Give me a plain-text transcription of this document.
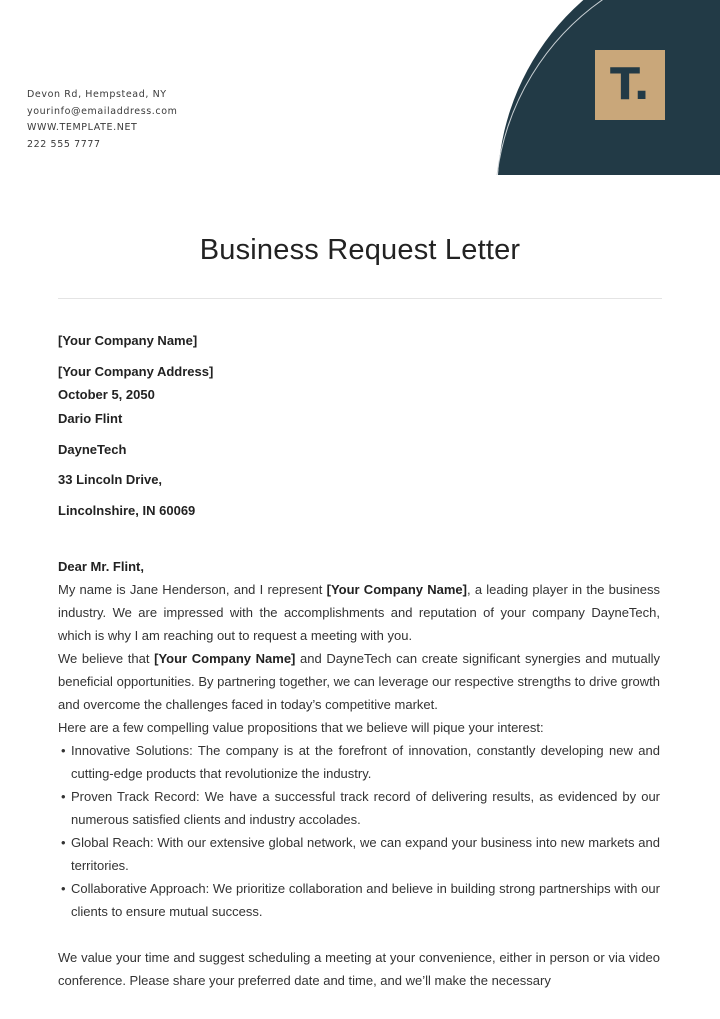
T.
Devon Rd, Hempstead, NY
yourinfo@emailaddress.com
WWW.TEMPLATE.NET
222 555 7777
Business Request Letter
[Your Company Name]
[Your Company Address]
October 5, 2050
Dario Flint
DayneTech
33 Lincoln Drive,
Lincolnshire, IN 60069
Dear Mr. Flint,

My name is Jane Henderson, and I represent [Your Company Name], a leading player in the business industry. We are impressed with the accomplishments and reputation of your company DayneTech, which is why I am reaching out to request a meeting with you.

We believe that [Your Company Name] and DayneTech can create significant synergies and mutually beneficial opportunities. By partnering together, we can leverage our respective strengths to drive growth and overcome the challenges faced in today’s competitive market.

Here are a few compelling value propositions that we believe will pique your interest:

• Innovative Solutions: The company is at the forefront of innovation, constantly developing new and cutting-edge products that revolutionize the industry.
• Proven Track Record: We have a successful track record of delivering results, as evidenced by our numerous satisfied clients and industry accolades.
• Global Reach: With our extensive global network, we can expand your business into new markets and territories.
• Collaborative Approach: We prioritize collaboration and believe in building strong partnerships with our clients to ensure mutual success.

We value your time and suggest scheduling a meeting at your convenience, either in person or via video conference. Please share your preferred date and time, and we’ll make the necessary
